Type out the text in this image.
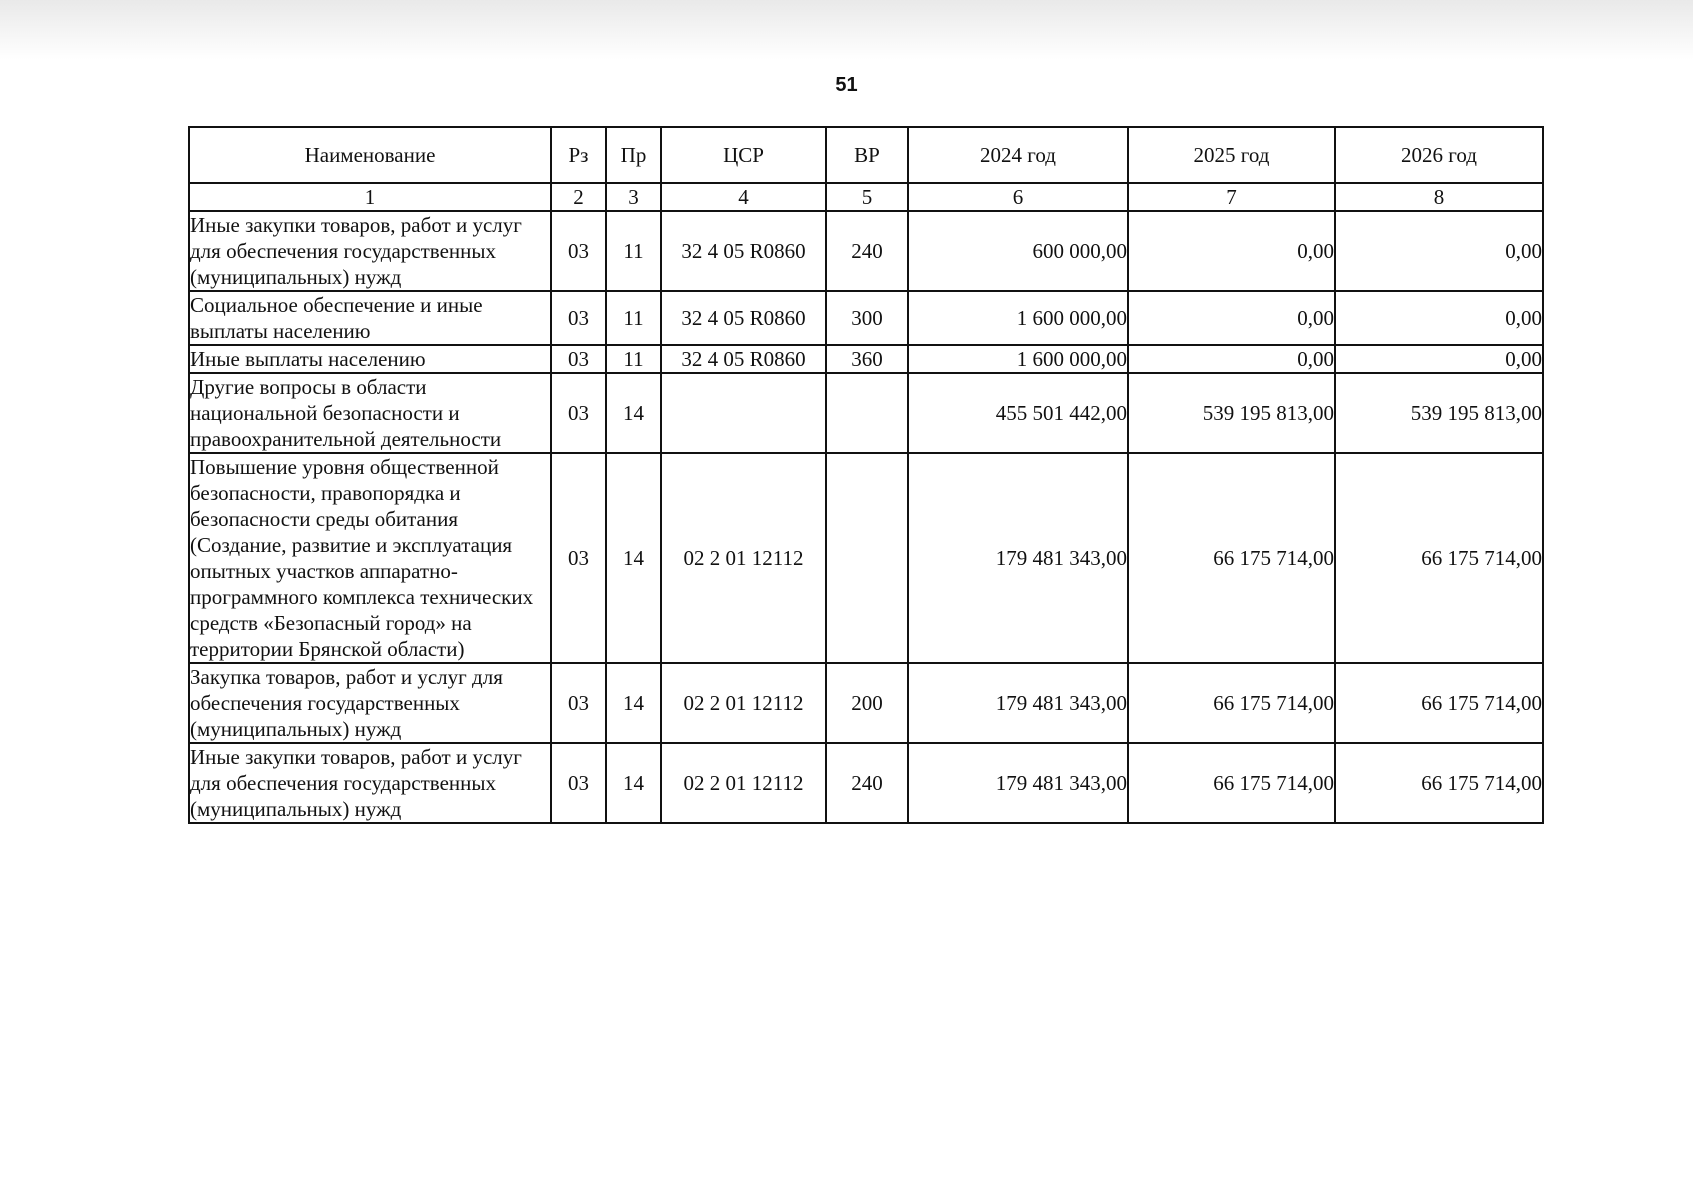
51
Наименование	Рз	Пр	ЦСР	ВР	2024 год	2025 год	2026 год
1	2	3	4	5	6	7	8
Иные закупки товаров, работ и услуг для обеспечения государственных (муниципальных) нужд	03	11	32 4 05 R0860	240	600 000,00	0,00	0,00
Социальное обеспечение и иные выплаты населению	03	11	32 4 05 R0860	300	1 600 000,00	0,00	0,00
Иные выплаты населению	03	11	32 4 05 R0860	360	1 600 000,00	0,00	0,00
Другие вопросы в области национальной безопасности и правоохранительной деятельности	03	14			455 501 442,00	539 195 813,00	539 195 813,00
Повышение уровня общественной безопасности, правопорядка и безопасности среды обитания (Создание, развитие и эксплуатация опытных участков аппаратно-программного комплекса технических средств «Безопасный город» на территории Брянской области)	03	14	02 2 01 12112		179 481 343,00	66 175 714,00	66 175 714,00
Закупка товаров, работ и услуг для обеспечения государственных (муниципальных) нужд	03	14	02 2 01 12112	200	179 481 343,00	66 175 714,00	66 175 714,00
Иные закупки товаров, работ и услуг для обеспечения государственных (муниципальных) нужд	03	14	02 2 01 12112	240	179 481 343,00	66 175 714,00	66 175 714,00
